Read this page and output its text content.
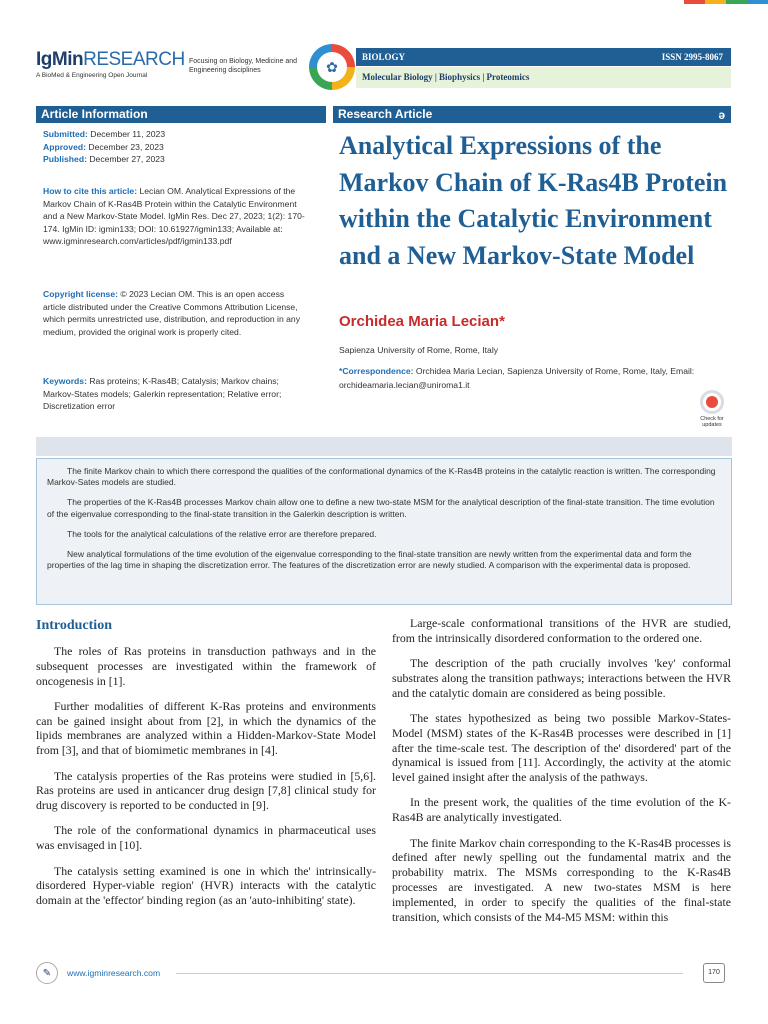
IgMinRESEARCH
A BioMed & Engineering Open Journal
Focusing on Biology, Medicine and Engineering disciplines	✿
BIOLOGY	ISSN 2995-8067
Molecular Biology | Biophysics | Proteomics
Article Information
Submitted: December 11, 2023
Approved: December 23, 2023
Published: December 27, 2023
How to cite this article: Lecian OM. Analytical Expressions of the Markov Chain of K-Ras4B Protein within the Catalytic Environment and a New Markov-State Model. IgMin Res. Dec 27, 2023; 1(2): 170-174. IgMin ID: igmin133; DOI: 10.61927/igmin133; Available at: www.igminresearch.com/articles/pdf/igmin133.pdf
Copyright license: © 2023 Lecian OM. This is an open access article distributed under the Creative Commons Attribution License, which permits unrestricted use, distribution, and reproduction in any medium, provided the original work is properly cited.
Keywords: Ras proteins; K-Ras4B; Catalysis; Markov chains; Markov-States models; Galerkin representation; Relative error; Discretization error
Research Article	ə
Analytical Expressions of the Markov Chain of K-Ras4B Protein within the Catalytic Environment and a New Markov-State Model
Orchidea Maria Lecian*
Sapienza University of Rome, Rome, Italy
*Correspondence: Orchidea Maria Lecian, Sapienza University of Rome, Rome, Italy, Email: orchideamaria.lecian@uniroma1.it
Check for updates

The finite Markov chain to which there correspond the qualities of the conformational dynamics of the K-Ras4B proteins in the catalytic reaction is written. The corresponding Markov-Sates models are studied.

The properties of the K-Ras4B processes Markov chain allow one to define a new two-state MSM for the analytical description of the final-state transition. The time evolution of the eigenvalue corresponding to the final-state transition in the Galerkin description is written.

The tools for the analytical calculations of the relative error are therefore prepared.

New analytical formulations of the time evolution of the eigenvalue corresponding to the final-state transition are newly written from the experimental data and form the properties of the lag time in shaping the discretization error. The features of the discretization error are newly studied. A comparison with the experimental data is proposed.

Introduction

The roles of Ras proteins in transduction pathways and in the subsequent processes are investigated within the framework of oncogenesis in [1].

Further modalities of different K-Ras proteins and environments can be gained insight about from [2], in which the dynamics of the lipids membranes are analyzed within a Hidden-Markov-State Model from [3], and that of biomimetic membranes in [4].

The catalysis properties of the Ras proteins were studied in [5,6]. Ras proteins are used in anticancer drug design [7,8] clinical study for drug discovery is reported to be conducted in [9].

The role of the conformational dynamics in pharmaceutical uses was envisaged in [10].

The catalysis setting examined is one in which the' intrinsically-disordered Hyper-viable region' (HVR) interacts with the catalytic domain at the 'effector' binding region (as an 'auto-inhibiting' state).

Large-scale conformational transitions of the HVR are studied, from the intrinsically disordered conformation to the ordered one.

The description of the path crucially involves 'key' conformal substrates along the transition pathways; interactions between the HVR and the catalytic domain are considered as being possible.

The states hypothesized as being two possible Markov-States-Model (MSM) states of the K-Ras4B processes were described in [1] after the time-scale test. The description of the' disordered' part of the dynamical is issued from [11]. Accordingly, the activity at the atomic level gained insight after the analysis of the pathways.

In the present work, the qualities of the time evolution of the K-Ras4B are analytically investigated.

The finite Markov chain corresponding to the K-Ras4B processes is defined after newly spelling out the fundamental matrix and the probability matrix. The MSMs corresponding to the K-Ras4B processes are investigated. A new two-states MSM is here implemented, in order to specify the qualities of the final-state transition, which consists of the M4-M5 MSM: within this

✎	www.igminresearch.com	170
